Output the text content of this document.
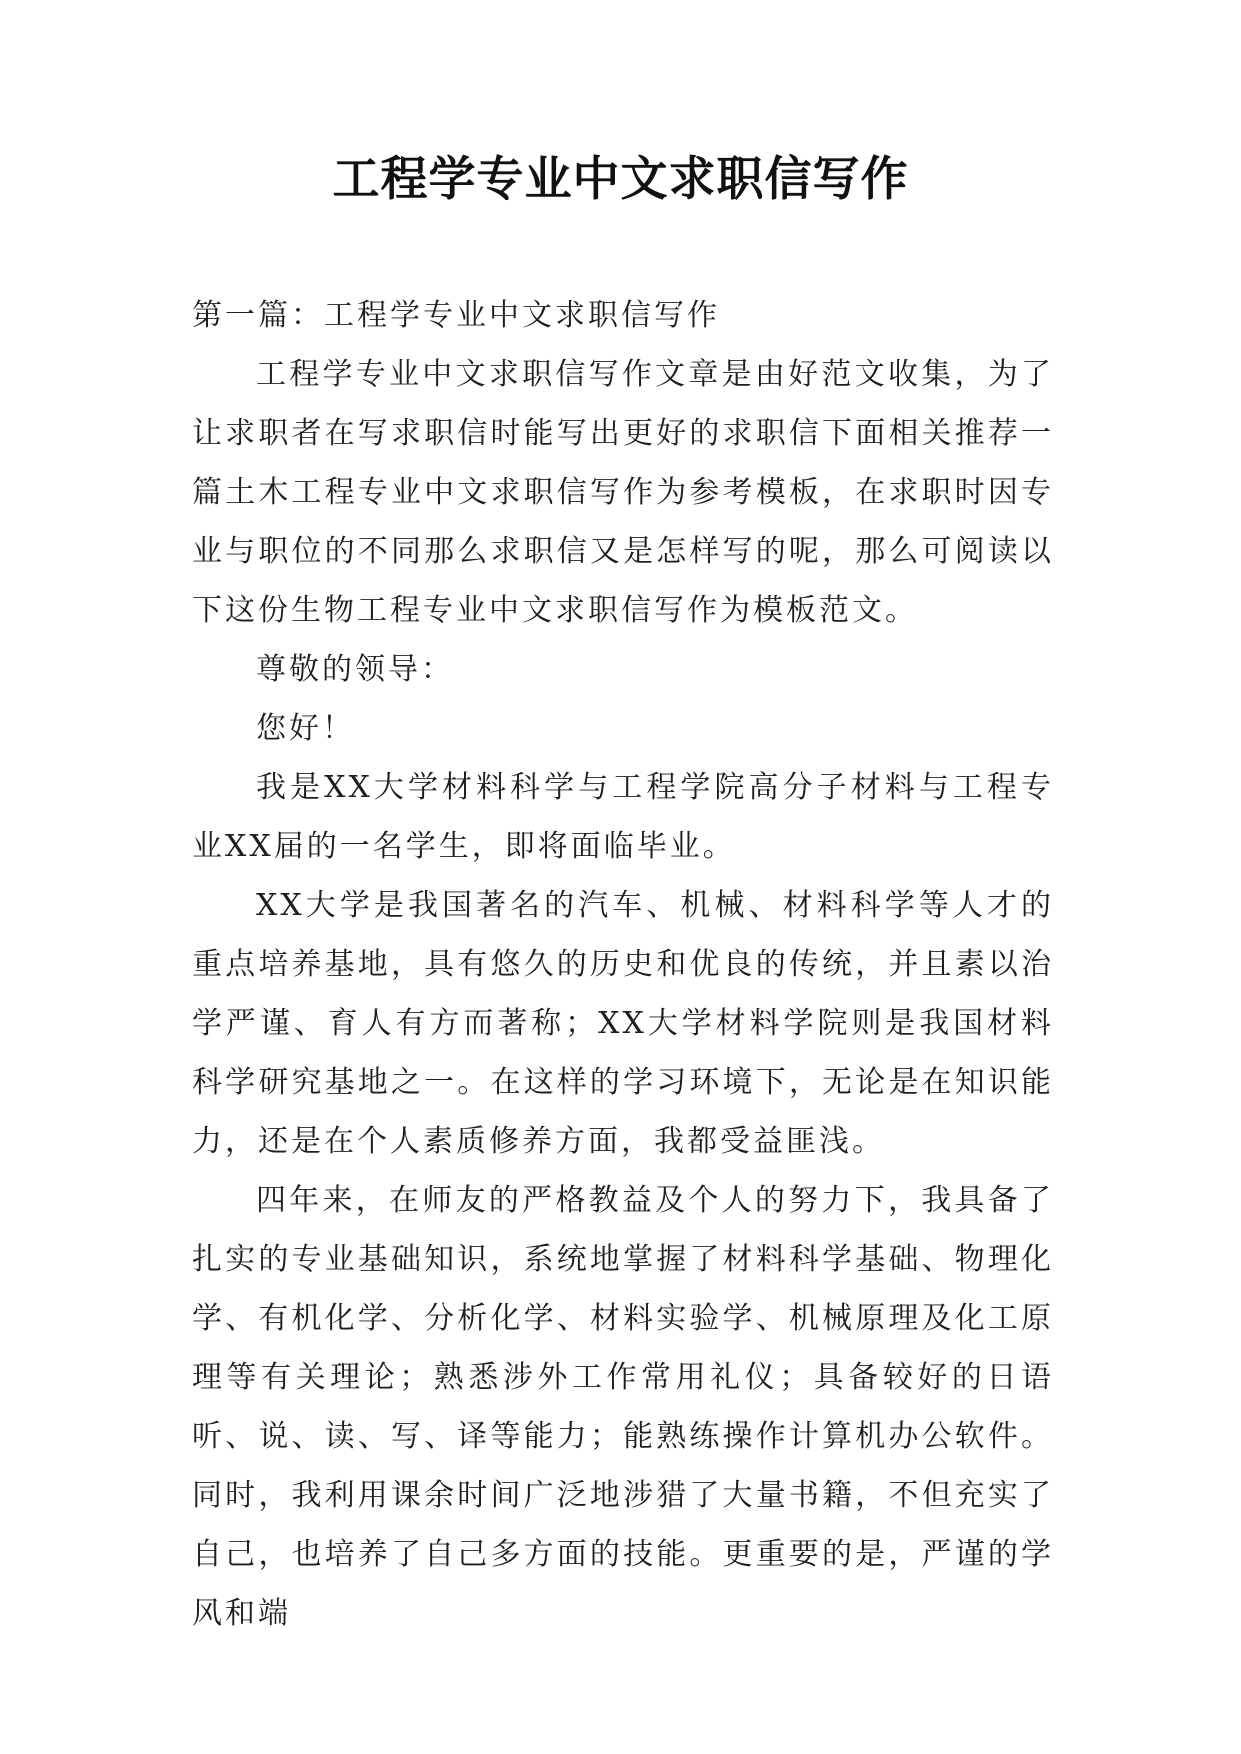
工程学专业中文求职信写作

第一篇：工程学专业中文求职信写作

工程学专业中文求职信写作文章是由好范文收集，为了让求职者在写求职信时能写出更好的求职信下面相关推荐一篇土木工程专业中文求职信写作为参考模板，在求职时因专业与职位的不同那么求职信又是怎样写的呢，那么可阅读以下这份生物工程专业中文求职信写作为模板范文。

尊敬的领导：

您好！

我是XX大学材料科学与工程学院高分子材料与工程专业XX届的一名学生，即将面临毕业。

XX大学是我国著名的汽车、机械、材料科学等人才的重点培养基地，具有悠久的历史和优良的传统，并且素以治学严谨、育人有方而著称；XX大学材料学院则是我国材料科学研究基地之一。在这样的学习环境下，无论是在知识能力，还是在个人素质修养方面，我都受益匪浅。

四年来，在师友的严格教益及个人的努力下，我具备了扎实的专业基础知识，系统地掌握了材料科学基础、物理化学、有机化学、分析化学、材料实验学、机械原理及化工原理等有关理论；熟悉涉外工作常用礼仪；具备较好的日语听、说、读、写、译等能力；能熟练操作计算机办公软件。同时，我利用课余时间广泛地涉猎了大量书籍，不但充实了自己，也培养了自己多方面的技能。更重要的是，严谨的学风和端
